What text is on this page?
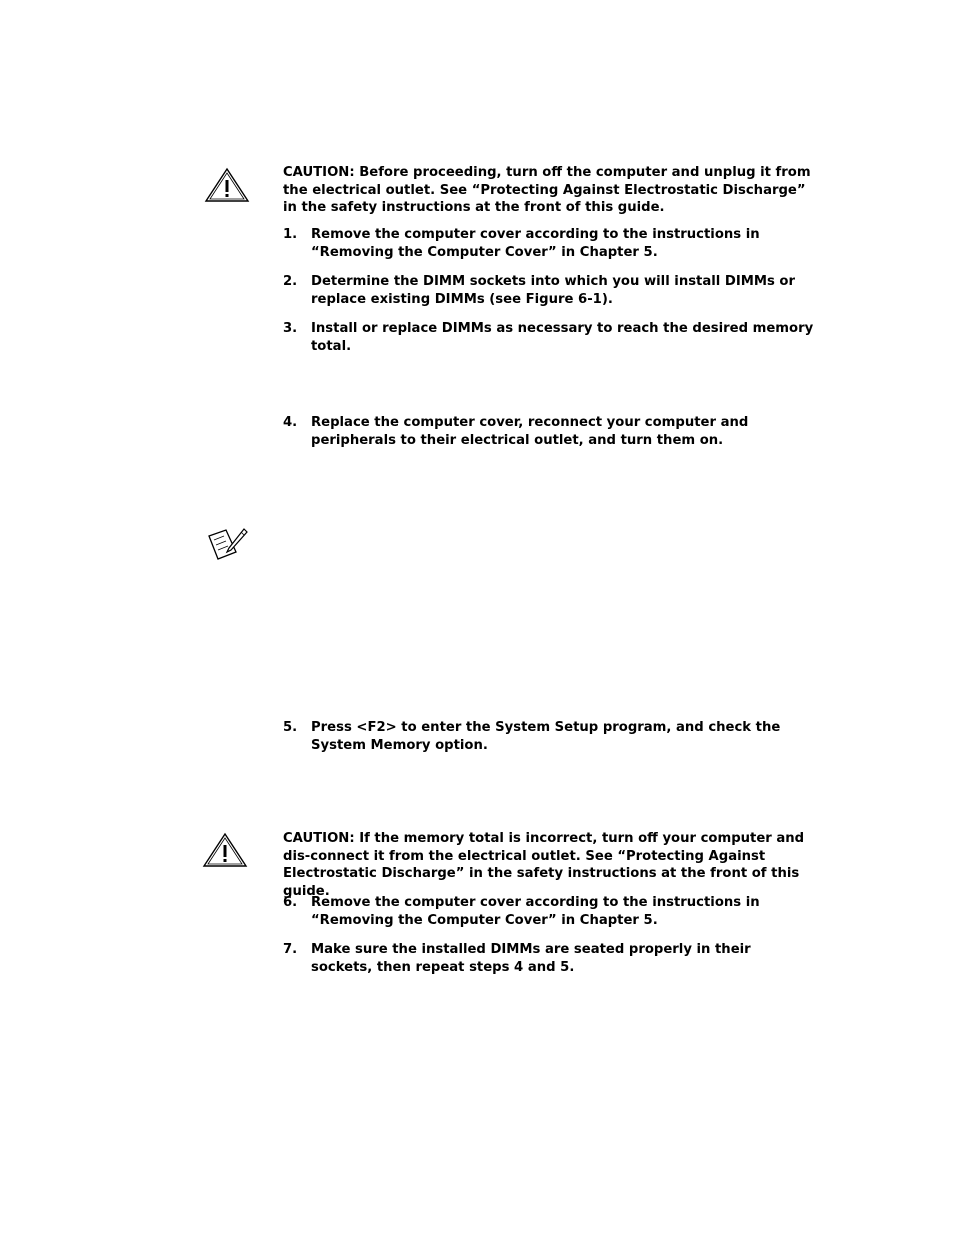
CAUTION: Before proceeding, turn off the computer and unplug it from the electrical outlet. See “Protecting Against Electrostatic Discharge” in the safety instructions at the front of this guide.
1.	Remove the computer cover according to the instructions in “Removing the Computer Cover” in Chapter 5.
2.	Determine the DIMM sockets into which you will install DIMMs or replace existing DIMMs (see Figure 6-1).
3.	Install or replace DIMMs as necessary to reach the desired memory total.
4.	Replace the computer cover, reconnect your computer and peripherals to their electrical outlet, and turn them on.
5.	Press <F2> to enter the System Setup program, and check the System Memory option.
CAUTION: If the memory total is incorrect, turn off your computer and dis-connect it from the electrical outlet. See “Protecting Against Electrostatic Discharge” in the safety instructions at the front of this guide.
6.	Remove the computer cover according to the instructions in “Removing the Computer Cover” in Chapter 5.
7.	Make sure the installed DIMMs are seated properly in their sockets, then repeat steps 4 and 5.
